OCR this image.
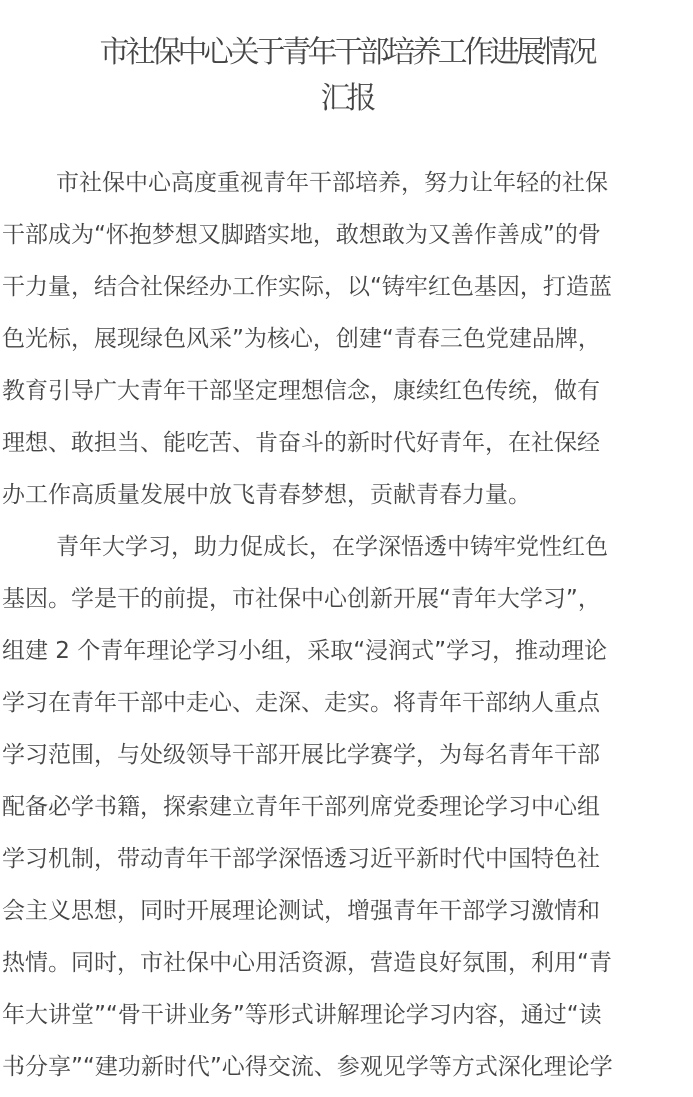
市社保中心关于青年干部培养工作进展情况
汇报

市社保中心高度重视青年干部培养，努力让年轻的社保
干部成为“怀抱梦想又脚踏实地，敢想敢为又善作善成”的骨
干力量，结合社保经办工作实际，以“铸牢红色基因，打造蓝
色光标，展现绿色风采”为核心，创建“青春三色党建品牌，
教育引导广大青年干部坚定理想信念，康续红色传统，做有
理想、敢担当、能吃苦、肯奋斗的新时代好青年，在社保经
办工作高质量发展中放飞青春梦想，贡献青春力量。

青年大学习，助力促成长，在学深悟透中铸牢党性红色
基因。学是干的前提，市社保中心创新开展“青年大学习”，
组建 2 个青年理论学习小组，采取“浸润式”学习，推动理论
学习在青年干部中走心、走深、走实。将青年干部纳人重点
学习范围，与处级领导干部开展比学赛学，为每名青年干部
配备必学书籍，探索建立青年干部列席党委理论学习中心组
学习机制，带动青年干部学深悟透习近平新时代中国特色社
会主义思想，同时开展理论测试，增强青年干部学习激情和
热情。同时，市社保中心用活资源，营造良好氛围，利用“青
年大讲堂”“骨干讲业务”等形式讲解理论学习内容，通过“读
书分享”“建功新时代”心得交流、参观见学等方式深化理论学
